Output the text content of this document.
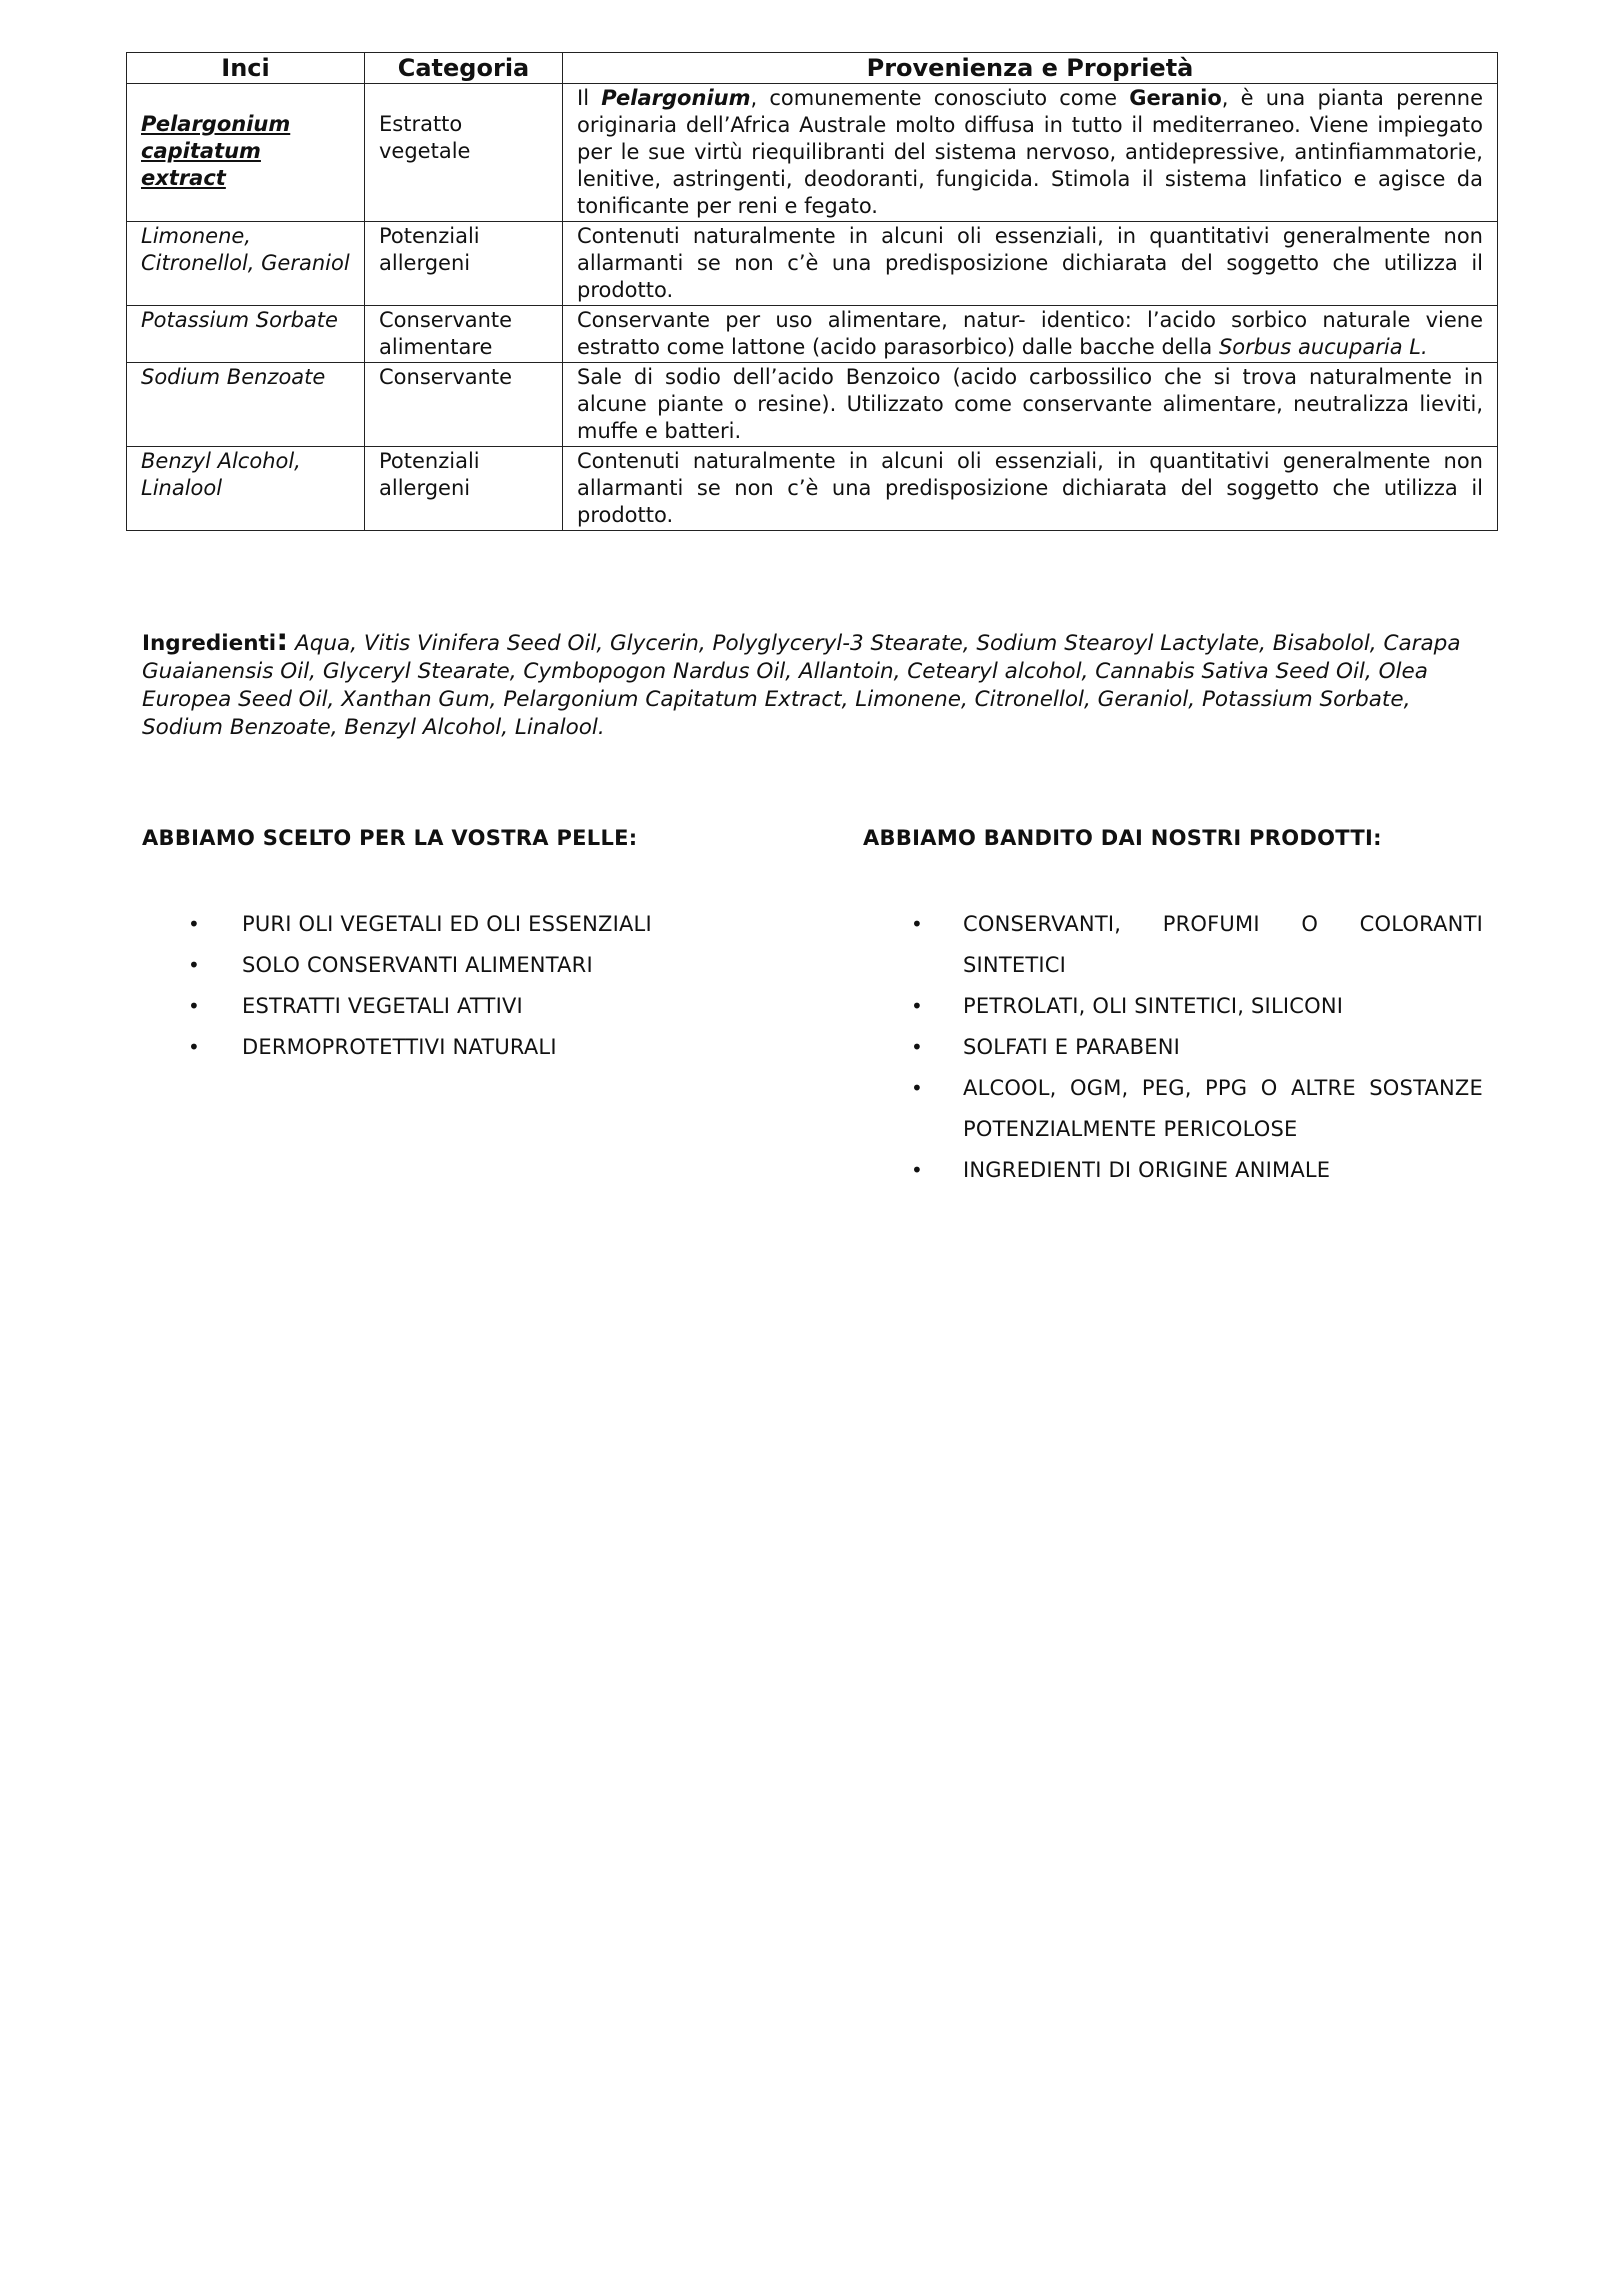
Inci	Categoria	Provenienza e Proprietà

Pelargonium capitatum extract	Estratto vegetale	Il Pelargonium, comunemente conosciuto come Geranio, è una pianta perenne originaria dell’Africa Australe molto diffusa in tutto il mediterraneo. Viene impiegato per le sue virtù riequilibranti del sistema nervoso, antidepressive, antinfiammatorie, lenitive, astringenti, deodoranti, fungicida. Stimola il sistema linfatico e agisce da tonificante per reni e fegato.
Limonene, Citronellol, Geraniol	Potenziali allergeni	Contenuti naturalmente in alcuni oli essenziali, in quantitativi generalmente non allarmanti se non c’è una predisposizione dichiarata del soggetto che utilizza il prodotto.
Potassium Sorbate	Conservante alimentare	Conservante per uso alimentare, natur- identico: l’acido sorbico naturale viene estratto come lattone (acido parasorbico) dalle bacche della Sorbus aucuparia L.
Sodium Benzoate	Conservante	Sale di sodio dell’acido Benzoico (acido carbossilico che si trova naturalmente in alcune piante o resine). Utilizzato come conservante alimentare, neutralizza lieviti, muffe e batteri.
Benzyl Alcohol, Linalool	Potenziali allergeni	Contenuti naturalmente in alcuni oli essenziali, in quantitativi generalmente non allarmanti se non c’è una predisposizione dichiarata del soggetto che utilizza il prodotto.
Ingredienti: Aqua, Vitis Vinifera Seed Oil, Glycerin, Polyglyceryl-3 Stearate, Sodium Stearoyl Lactylate, Bisabolol, Carapa Guaianensis Oil, Glyceryl Stearate, Cymbopogon Nardus Oil, Allantoin, Cetearyl alcohol, Cannabis Sativa Seed Oil, Olea Europea Seed Oil, Xanthan Gum, Pelargonium Capitatum Extract, Limonene, Citronellol, Geraniol, Potassium Sorbate, Sodium Benzoate, Benzyl Alcohol, Linalool.

ABBIAMO SCELTO PER LA VOSTRA PELLE:

• PURI OLI VEGETALI ED OLI ESSENZIALI
• SOLO CONSERVANTI ALIMENTARI
• ESTRATTI VEGETALI ATTIVI
• DERMOPROTETTIVI NATURALI

ABBIAMO BANDITO DAI NOSTRI PRODOTTI:

• CONSERVANTI, PROFUMI O COLORANTI SINTETICI
• PETROLATI, OLI SINTETICI, SILICONI
• SOLFATI E PARABENI
• ALCOOL, OGM, PEG, PPG O ALTRE SOSTANZE POTENZIALMENTE PERICOLOSE
• INGREDIENTI DI ORIGINE ANIMALE
